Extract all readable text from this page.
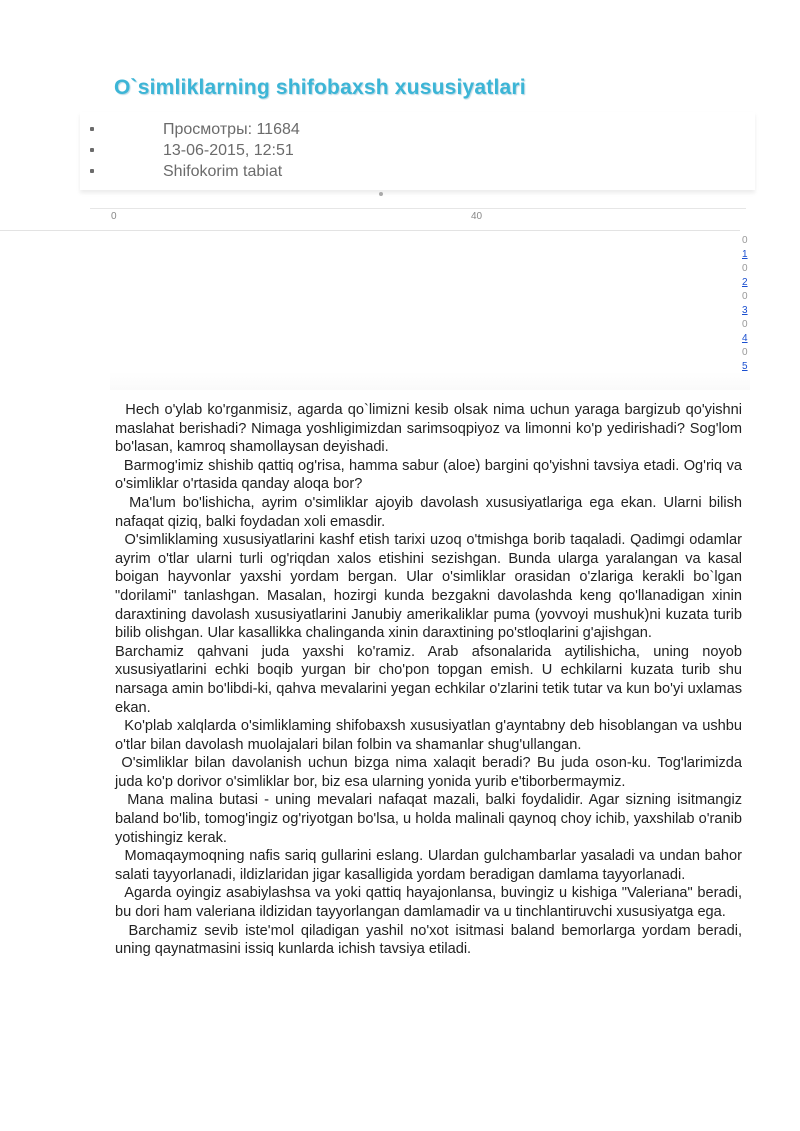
O`simliklarning shifobaxsh xususiyatlari
Просмотры: 11684
13-06-2015, 12:51
Shifokorim tabiat
0	40
0
1
0
2
0
3
0
4
0
5

Hech o'ylab ko'rganmisiz, agarda qo`limizni kesib olsak nima uchun yaraga bargizub qo'yishni maslahat berishadi? Nimaga yoshligimizdan sarimsoqpiyoz va limonni ko'p yedirishadi? Sog'lom bo'lasan, kamroq shamollaysan deyishadi.

Barmog'imiz shishib qattiq og'risa, hamma sabur (aloe) bargini qo'yishni tavsiya etadi. Og'riq va o'simliklar o'rtasida qanday aloqa bor?

Ma'lum bo'lishicha, ayrim o'simliklar ajoyib davolash xususiyatlariga ega ekan. Ularni bilish nafaqat qiziq, balki foydadan xoli emasdir.

O'simliklaming xususiyatlarini kashf etish tarixi uzoq o'tmishga borib taqaladi. Qadimgi odamlar ayrim o'tlar ularni turli og'riqdan xalos etishini sezishgan. Bunda ularga yaralangan va kasal boigan hayvonlar yaxshi yordam bergan. Ular o'simliklar orasidan o'zlariga kerakli bo`lgan "dorilami" tanlashgan. Masalan, hozirgi kunda bezgakni davolashda keng qo'llanadigan xinin daraxtining davolash xususiyatlarini Janubiy amerikaliklar puma (yovvoyi mushuk)ni kuzata turib bilib olishgan. Ular kasallikka chalinganda xinin daraxtining po'stloqlarini g'ajishgan.

Barchamiz qahvani juda yaxshi ko'ramiz. Arab afsonalarida aytilishicha, uning noyob xususiyatlarini echki boqib yurgan bir cho'pon topgan emish. U echkilarni kuzata turib shu narsaga amin bo'libdi-ki, qahva mevalarini yegan echkilar o'zlarini tetik tutar va kun bo'yi uxlamas ekan.

Ko'plab xalqlarda o'simliklaming shifobaxsh xususiyatlan g'ayntabny deb hisoblangan va ushbu o'tlar bilan davolash muolajalari bilan folbin va shamanlar shug'ullangan.

O'simliklar bilan davolanish uchun bizga nima xalaqit beradi? Bu juda oson-ku. Tog'larimizda juda ko'p dorivor o'simliklar bor, biz esa ularning yonida yurib e'tiborbermaymiz.

Mana malina butasi - uning mevalari nafaqat mazali, balki foydalidir. Agar sizning isitmangiz baland bo'lib, tomog'ingiz og'riyotgan bo'lsa, u holda malinali qaynoq choy ichib, yaxshilab o'ranib yotishingiz kerak.

Momaqaymoqning nafis sariq gullarini eslang. Ulardan gulchambarlar yasaladi va undan bahor salati tayyorlanadi, ildizlaridan jigar kasalligida yordam beradigan damlama tayyorlanadi.

Agarda oyingiz asabiylashsa va yoki qattiq hayajonlansa, buvingiz u kishiga "Valeriana" beradi, bu dori ham valeriana ildizidan tayyorlangan damlamadir va u tinchlantiruvchi xususiyatga ega.

Barchamiz sevib iste'mol qiladigan yashil no'xot isitmasi baland bemorlarga yordam beradi, uning qaynatmasini issiq kunlarda ichish tavsiya etiladi.
